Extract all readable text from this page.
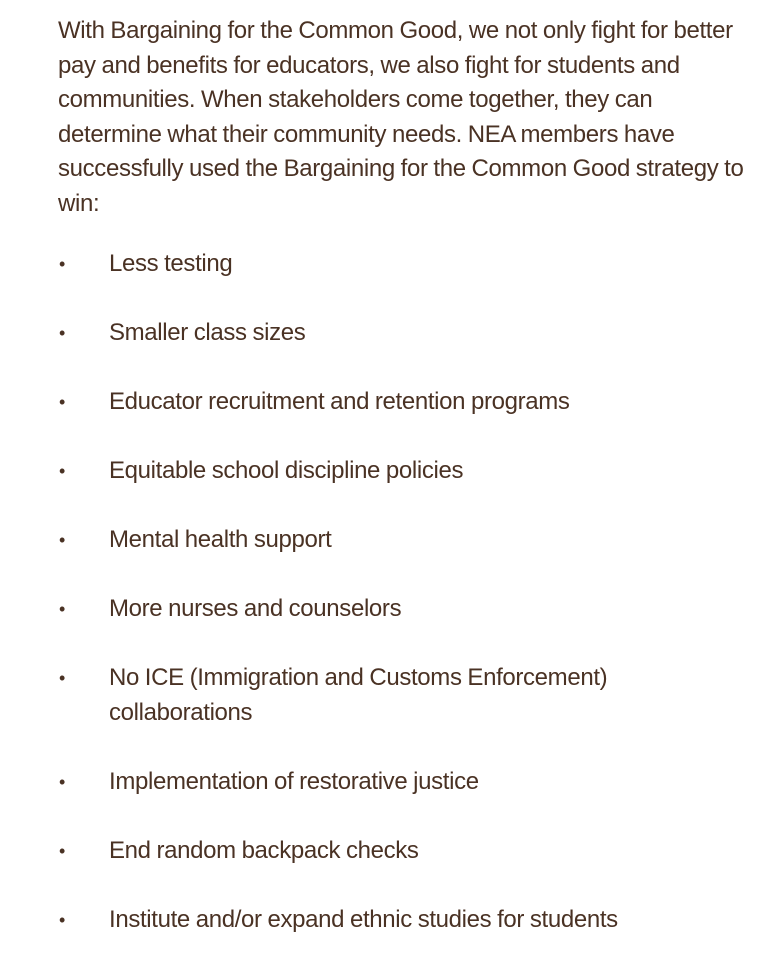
With Bargaining for the Common Good, we not only fight for better pay and benefits for educators, we also fight for students and communities. When stakeholders come together, they can determine what their community needs. NEA members have successfully used the Bargaining for the Common Good strategy to win:

•	Less testing
•	Smaller class sizes
•	Educator recruitment and retention programs
•	Equitable school discipline policies
•	Mental health support
•	More nurses and counselors
•	No ICE (Immigration and Customs Enforcement) collaborations
•	Implementation of restorative justice
•	End random backpack checks
•	Institute and/or expand ethnic studies for students
